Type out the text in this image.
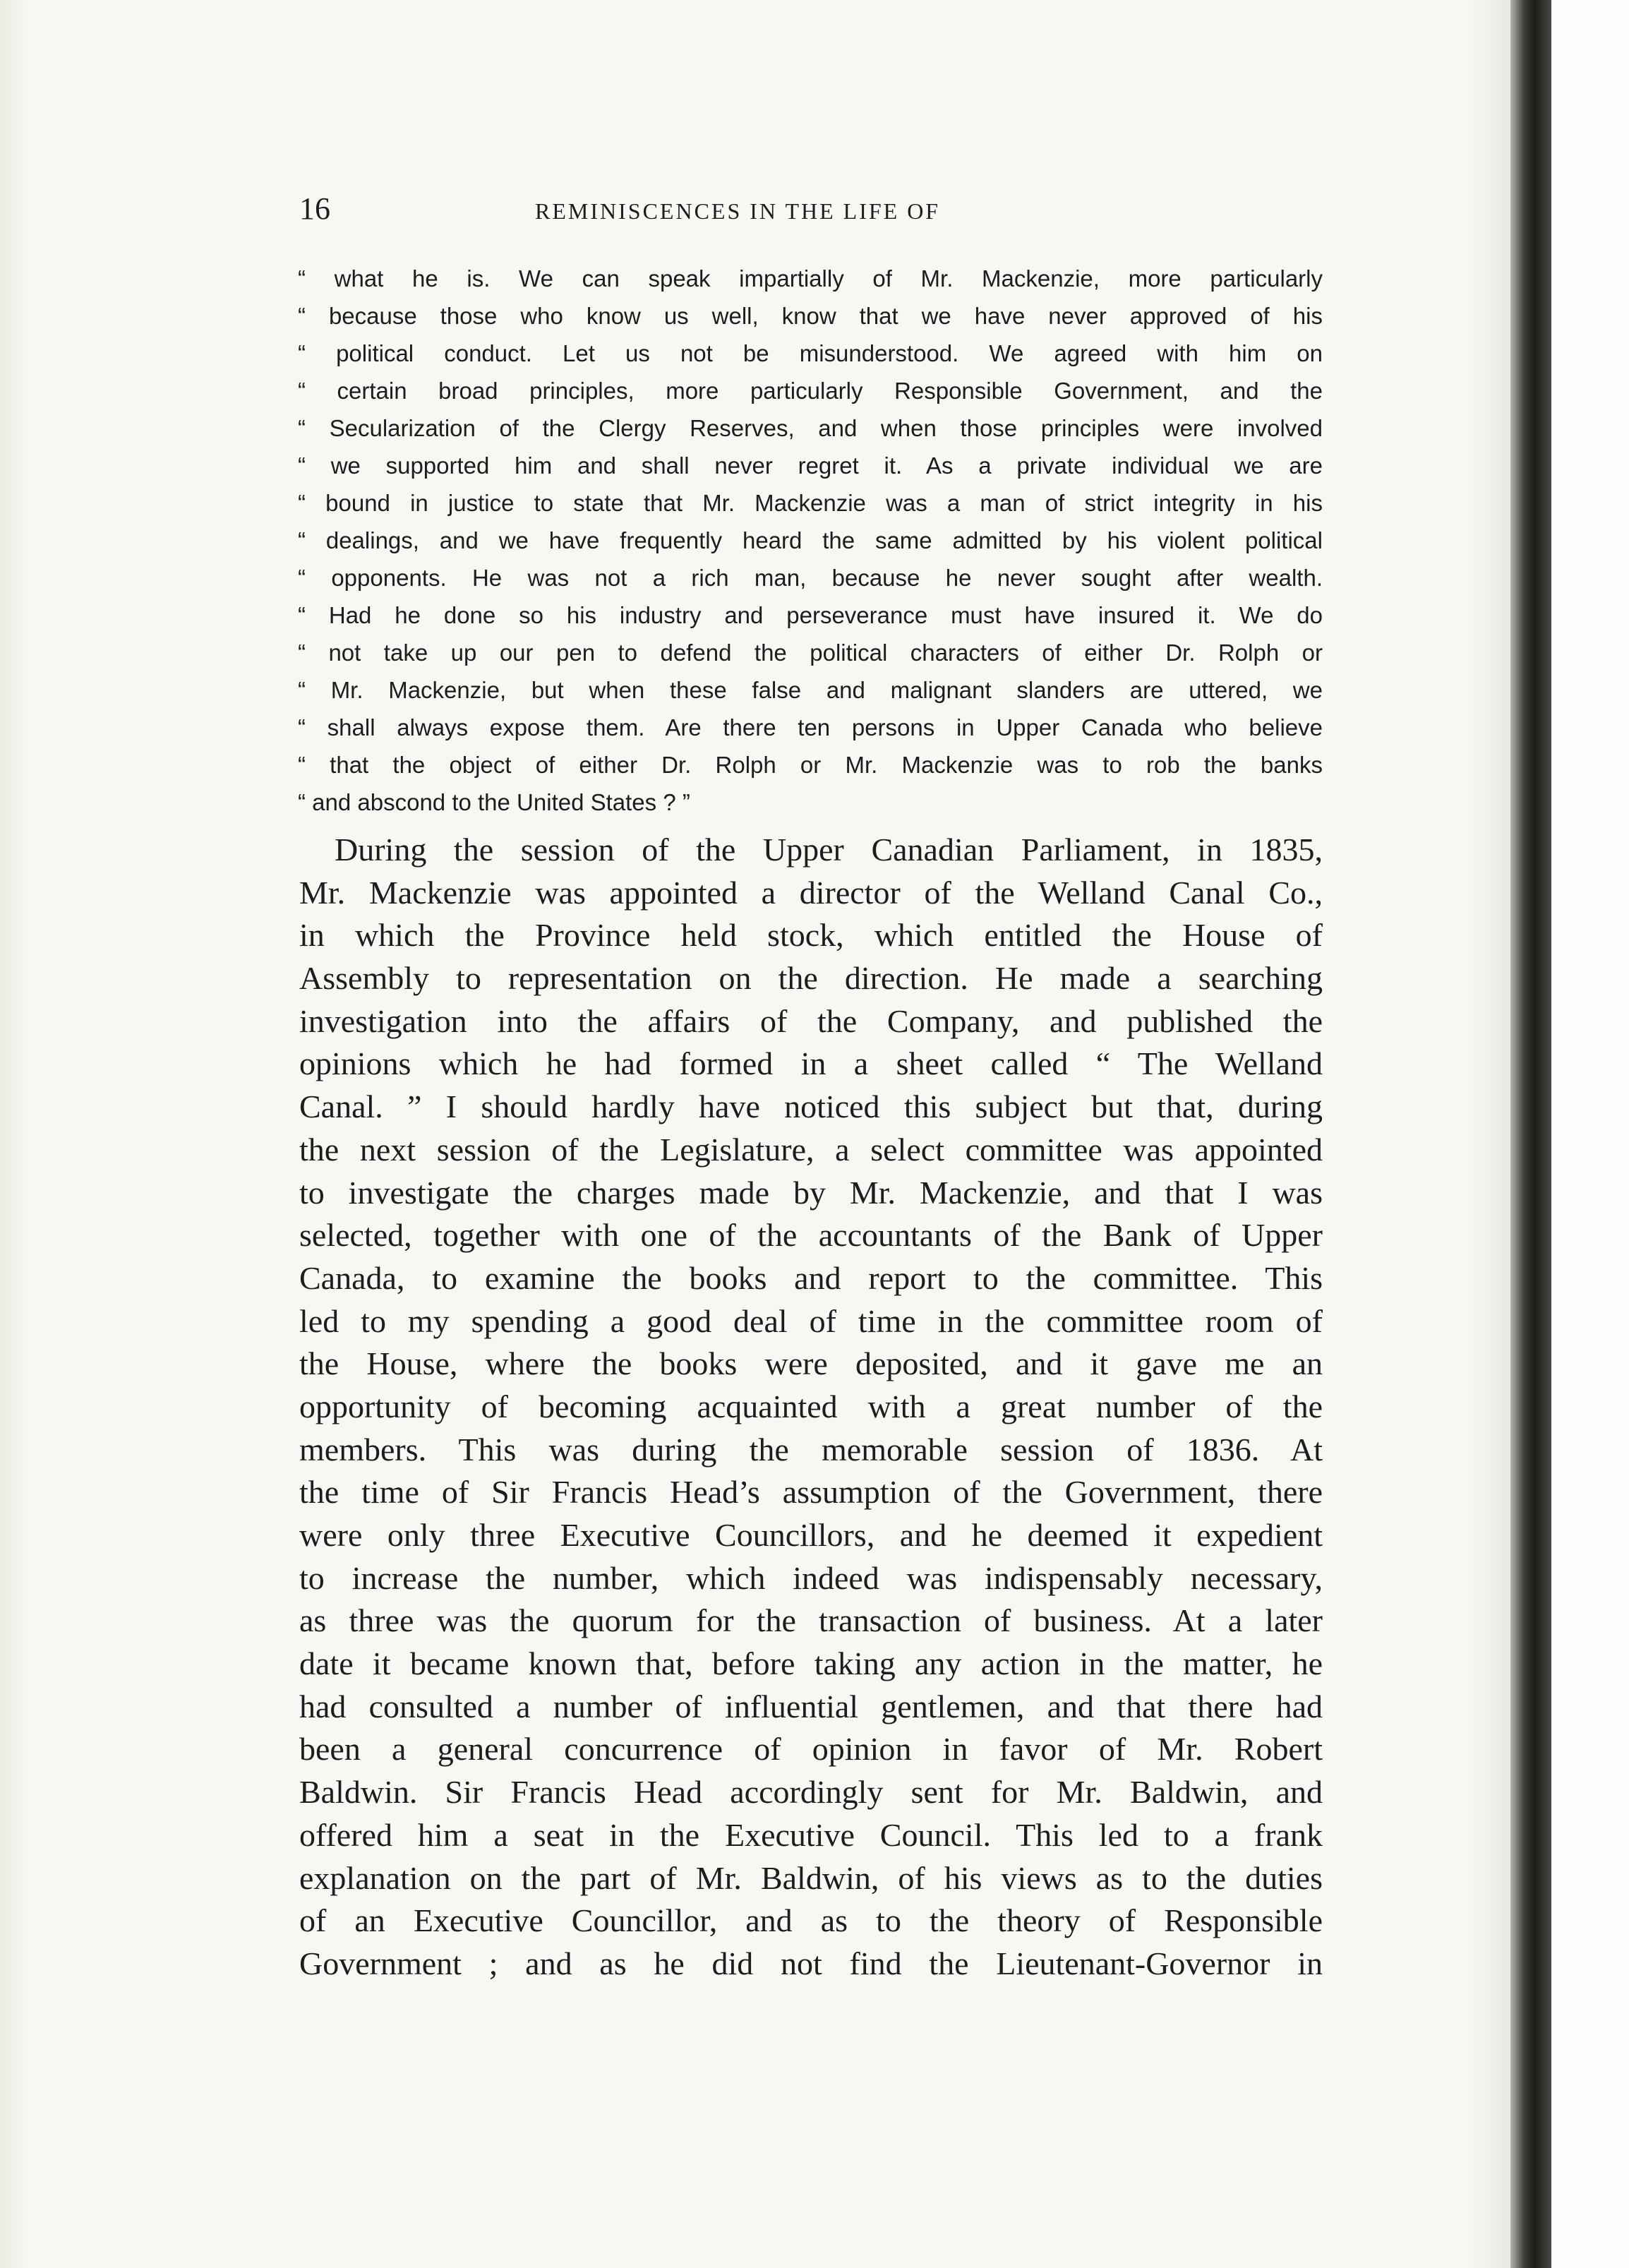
16	REMINISCENCES IN THE LIFE OF
“ what he is. We can speak impartially of Mr. Mackenzie, more particularly
“ because those who know us well, know that we have never approved of his
“ political conduct. Let us not be misunderstood. We agreed with him on
“ certain broad principles, more particularly Responsible Government, and the
“ Secularization of the Clergy Reserves, and when those principles were involved
“ we supported him and shall never regret it. As a private individual we are
“ bound in justice to state that Mr. Mackenzie was a man of strict integrity in his
“ dealings, and we have frequently heard the same admitted by his violent political
“ opponents. He was not a rich man, because he never sought after wealth.
“ Had he done so his industry and perseverance must have insured it. We do
“ not take up our pen to defend the political characters of either Dr. Rolph or
“ Mr. Mackenzie, but when these false and malignant slanders are uttered, we
“ shall always expose them. Are there ten persons in Upper Canada who believe
“ that the object of either Dr. Rolph or Mr. Mackenzie was to rob the banks
“ and abscond to the United States ? ”
During the session of the Upper Canadian Parliament, in 1835,
Mr. Mackenzie was appointed a director of the Welland Canal Co.,
in which the Province held stock, which entitled the House of
Assembly to representation on the direction. He made a searching
investigation into the affairs of the Company, and published the
opinions which he had formed in a sheet called “ The Welland
Canal. ” I should hardly have noticed this subject but that, during
the next session of the Legislature, a select committee was appointed
to investigate the charges made by Mr. Mackenzie, and that I was
selected, together with one of the accountants of the Bank of Upper
Canada, to examine the books and report to the committee. This
led to my spending a good deal of time in the committee room of
the House, where the books were deposited, and it gave me an
opportunity of becoming acquainted with a great number of the
members. This was during the memorable session of 1836. At
the time of Sir Francis Head’s assumption of the Government, there
were only three Executive Councillors, and he deemed it expedient
to increase the number, which indeed was indispensably necessary,
as three was the quorum for the transaction of business. At a later
date it became known that, before taking any action in the matter, he
had consulted a number of influential gentlemen, and that there had
been a general concurrence of opinion in favor of Mr. Robert
Baldwin. Sir Francis Head accordingly sent for Mr. Baldwin, and
offered him a seat in the Executive Council. This led to a frank
explanation on the part of Mr. Baldwin, of his views as to the duties
of an Executive Councillor, and as to the theory of Responsible
Government ; and as he did not find the Lieutenant-Governor in
